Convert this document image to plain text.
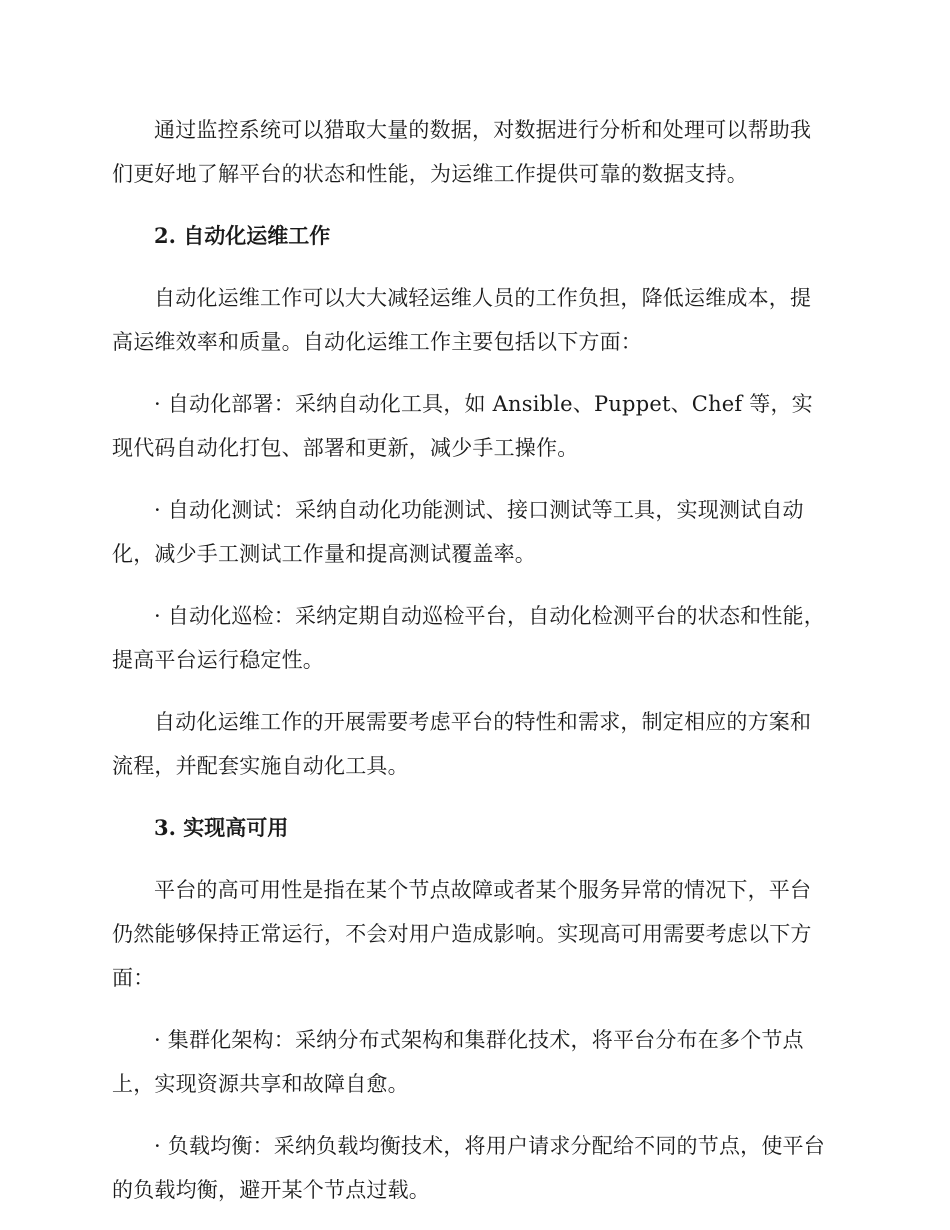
通过监控系统可以猎取大量的数据，对数据进行分析和处理可以帮助我们更好地了解平台的状态和性能，为运维工作提供可靠的数据支持。

2. 自动化运维工作

自动化运维工作可以大大减轻运维人员的工作负担，降低运维成本，提高运维效率和质量。自动化运维工作主要包括以下方面：

· 自动化部署：采纳自动化工具，如 Ansible、Puppet、Chef 等，实现代码自动化打包、部署和更新，减少手工操作。

· 自动化测试：采纳自动化功能测试、接口测试等工具，实现测试自动化，减少手工测试工作量和提高测试覆盖率。

· 自动化巡检：采纳定期自动巡检平台，自动化检测平台的状态和性能，提高平台运行稳定性。

自动化运维工作的开展需要考虑平台的特性和需求，制定相应的方案和流程，并配套实施自动化工具。

3. 实现高可用

平台的高可用性是指在某个节点故障或者某个服务异常的情况下，平台仍然能够保持正常运行，不会对用户造成影响。实现高可用需要考虑以下方面：

· 集群化架构：采纳分布式架构和集群化技术，将平台分布在多个节点上，实现资源共享和故障自愈。

· 负载均衡：采纳负载均衡技术，将用户请求分配给不同的节点，使平台的负载均衡，避开某个节点过载。
